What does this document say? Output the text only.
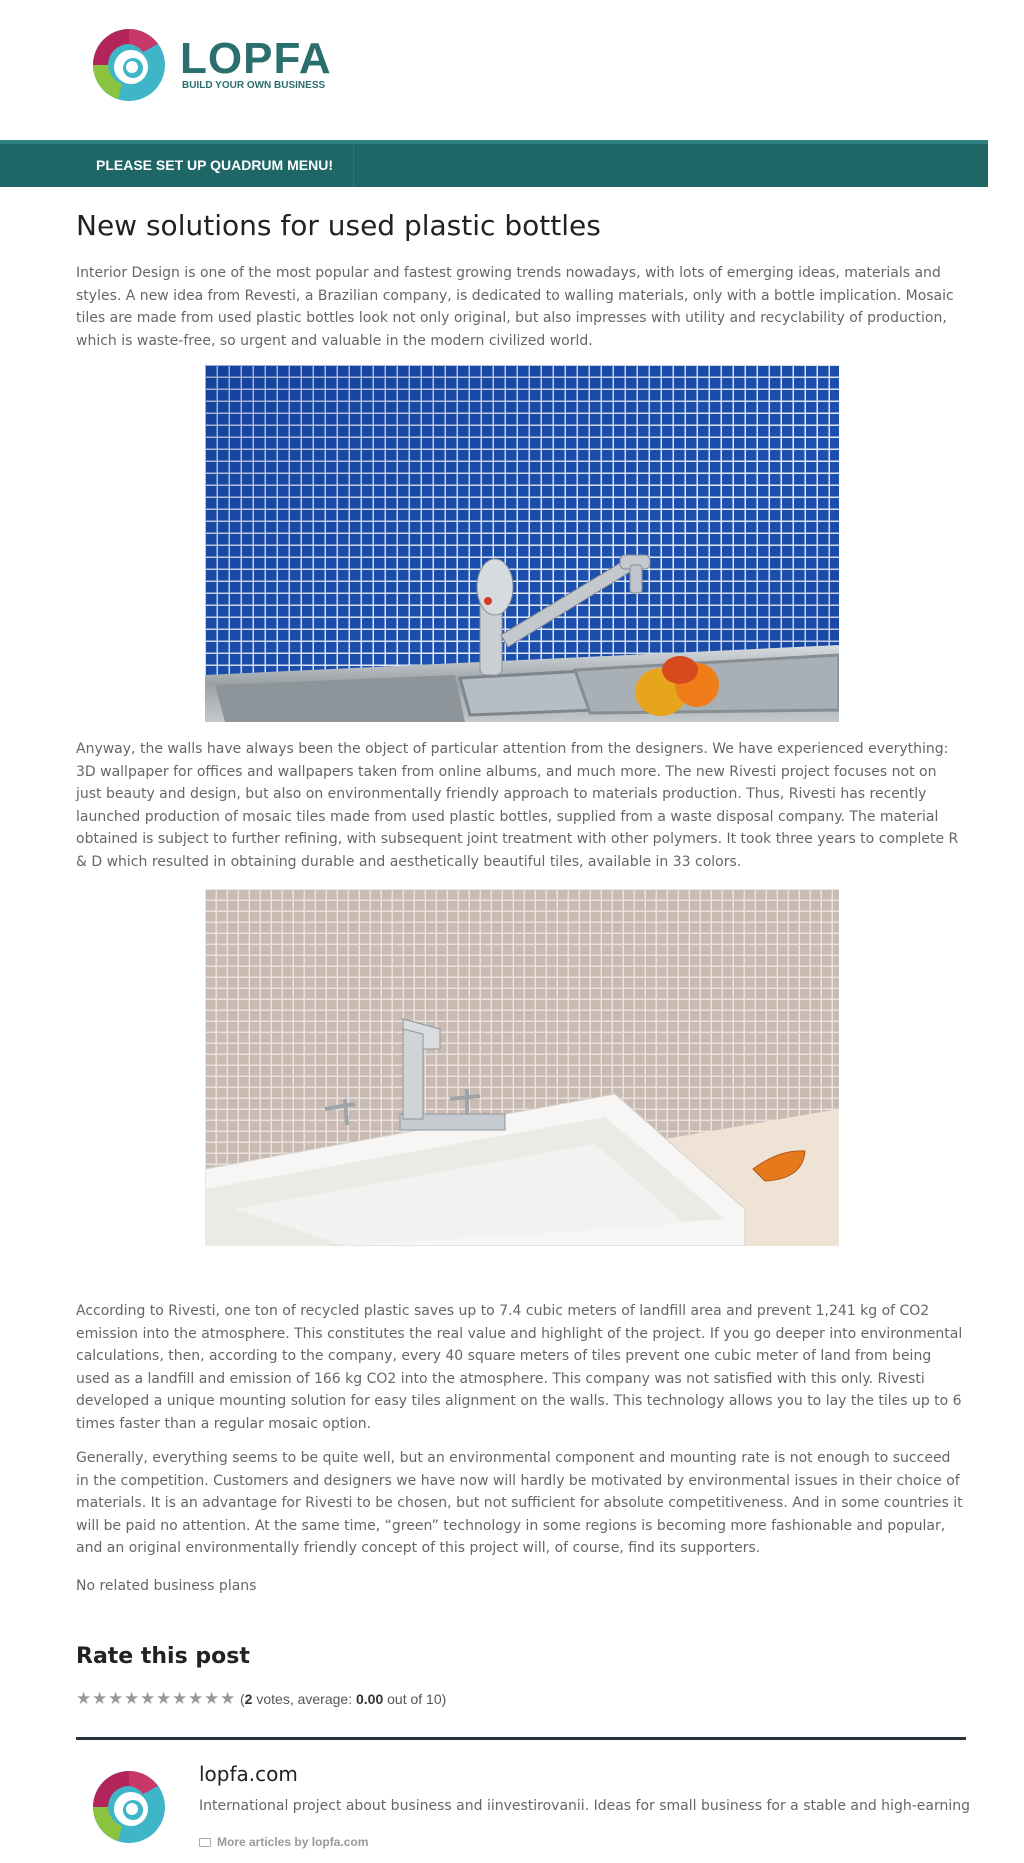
LOPFA
BUILD YOUR OWN BUSINESS
PLEASE SET UP QUADRUM MENU!
New solutions for used plastic bottles

Interior Design is one of the most popular and fastest growing trends nowadays, with lots of emerging ideas, materials and styles. A new idea from Revesti, a Brazilian company, is dedicated to walling materials, only with a bottle implication. Mosaic tiles are made from used plastic bottles look not only original, but also impresses with utility and recyclability of production, which is waste-free, so urgent and valuable in the modern civilized world.

Anyway, the walls have always been the object of particular attention from the designers. We have experienced everything: 3D wallpaper for offices and wallpapers taken from online albums, and much more. The new Rivesti project focuses not on just beauty and design, but also on environmentally friendly approach to materials production. Thus, Rivesti has recently launched production of mosaic tiles made from used plastic bottles, supplied from a waste disposal company. The material obtained is subject to further refining, with subsequent joint treatment with other polymers. It took three years to complete R & D which resulted in obtaining durable and aesthetically beautiful tiles, available in 33 colors.

According to Rivesti, one ton of recycled plastic saves up to 7.4 cubic meters of landfill area and prevent 1,241 kg of CO2 emission into the atmosphere. This constitutes the real value and highlight of the project. If you go deeper into environmental calculations, then, according to the company, every 40 square meters of tiles prevent one cubic meter of land from being used as a landfill and emission of 166 kg CO2 into the atmosphere. This company was not satisfied with this only. Rivesti developed a unique mounting solution for easy tiles alignment on the walls. This technology allows you to lay the tiles up to 6 times faster than a regular mosaic option.

Generally, everything seems to be quite well, but an environmental component and mounting rate is not enough to succeed in the competition. Customers and designers we have now will hardly be motivated by environmental issues in their choice of materials. It is an advantage for Rivesti to be chosen, but not sufficient for absolute competitiveness. And in some countries it will be paid no attention. At the same time, “green” technology in some regions is becoming more fashionable and popular, and an original environmentally friendly concept of this project will, of course, find its supporters.

No related business plans

Rate this post
★ ★ ★ ★ ★ ★ ★ ★ ★ ★ (2 votes, average: 0.00 out of 10)
lopfa.com
International project about business and iinvestirovanii. Ideas for small business for a stable and high-earning
More articles by lopfa.com
